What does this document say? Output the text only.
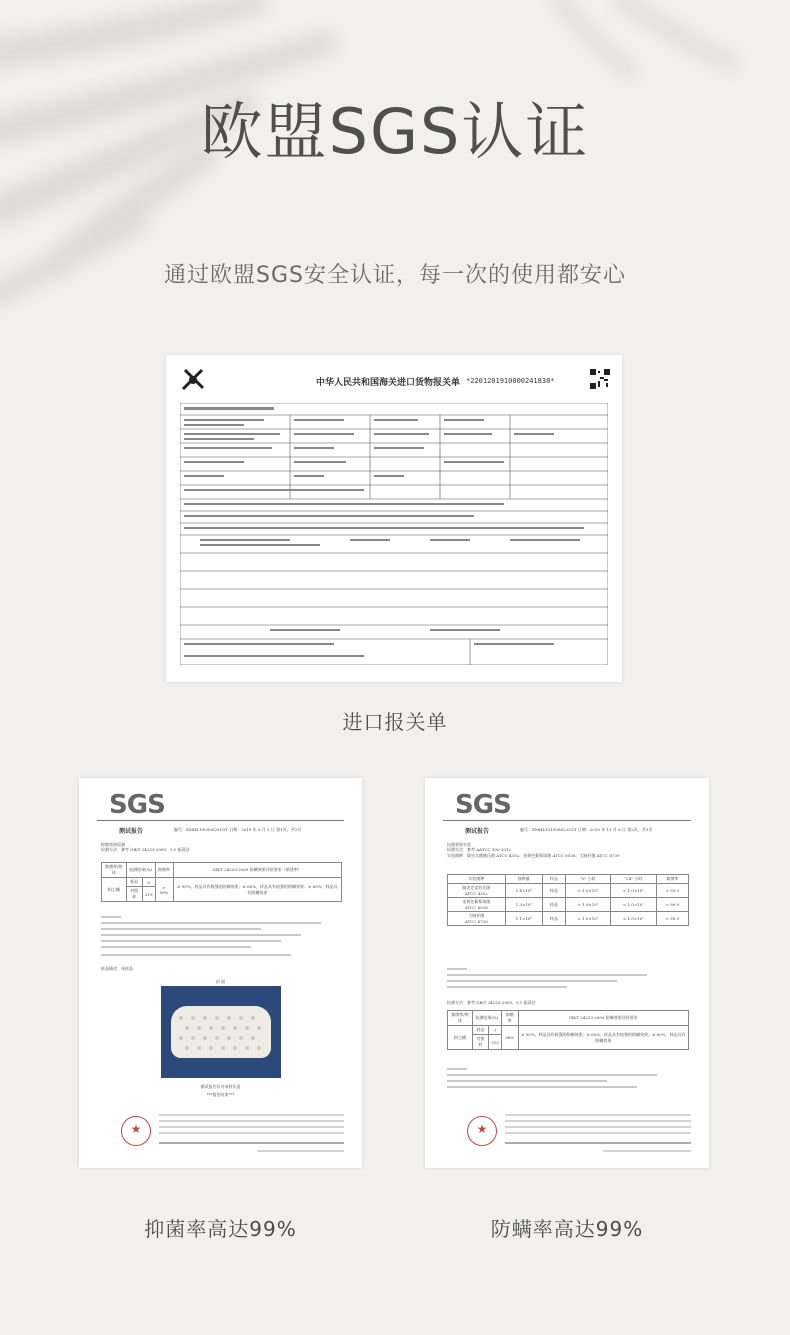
欧盟SGS认证
通过欧盟SGS安全认证，每一次的使用都安心
中华人民共和国海关进口货物报关单 *2201201910000241838*
进口报关单
SGS
测试报告	编号：XMHL190500291OT 日期：2019 年 6 月 3 日 第1页，共2页
抑菌效果检测
检测方法：参考 GB/T 24253-2009，9.1 振荡法
抑菌率/物体	检测结果(%)		抑菌率	GB/T 24253-2009 防螨效果评价要求（新建率）
粉尘螨	样品	0	> 99%	≥ 95%，样品具有极强的防螨效果；≥ 60%，样品具有较强的防螨效果；≥ 60%，样品具有防螨效果
	对照样	219		
样品描述：该样品
封 面
测试报告仅对来样负责
***报告结束***
★
抑菌率高达99%
SGS
测试报告	编号：XMHL1910006232OT 日期：2019 年 11 月 6 日 第2页，共3页
抗菌效果实验
检测方法：参考 AATCC 100-2012
实验菌种：除虫实菌菌氏菌 ATCC 4352、金黄色葡萄球菌 ATCC 6538、大肠杆菌 ATCC 8739
实验菌种	接种量	样品	"0" 小时	"24" 小时	抑菌率
肺炎克雷伯氏菌
ATCC 4352	1.4×10⁵	样品	< 1.0×10¹	< 1.0×10¹	> 99.9
金黄色葡萄球菌
ATCC 6538	1.3×10⁵	样品	< 1.0×10¹	< 1.0×10¹	> 99.9
大肠杆菌
ATCC 8739	1.1×10⁵	样品	< 1.0×10¹	< 1.0×10¹	> 99.9
检测方法：参考 GB/T 24253-2009，9.1 振荡法
抑菌率/物体	检测结果(%)		抑菌率	GB/T 24253-2009 防螨效果评价要求
粉尘螨	样品	7	98%	≥ 95%，样品具有极强的防螨效果；≥ 60%，样品具有较强的防螨效果；≥ 60%，样品具有防螨效果
	对照样	312		
★
防螨率高达99%
